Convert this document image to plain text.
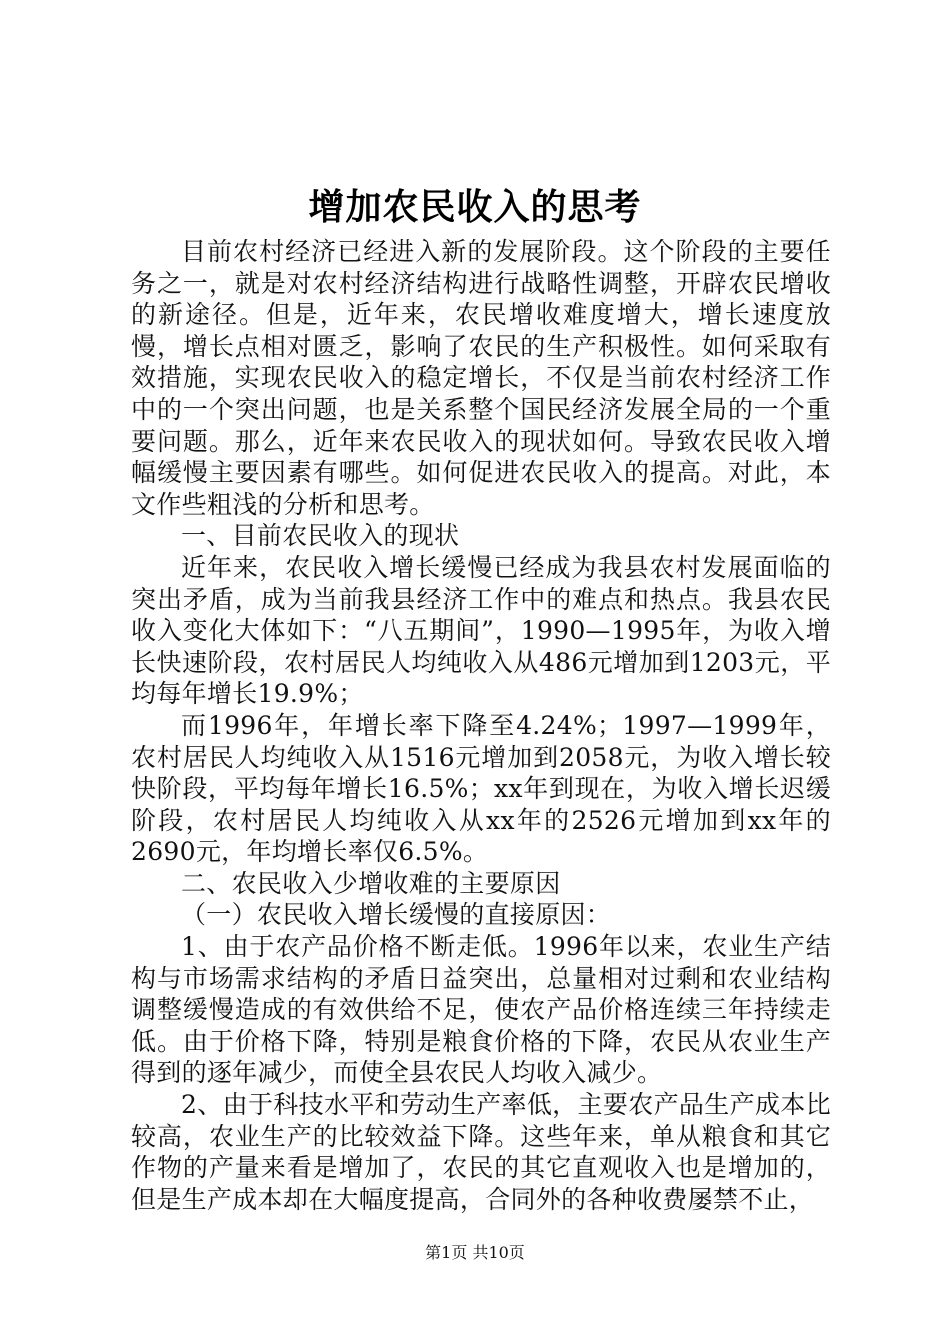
增加农民收入的思考

目前农村经济已经进入新的发展阶段。这个阶段的主要任务之一，就是对农村经济结构进行战略性调整，开辟农民增收的新途径。但是，近年来，农民增收难度增大，增长速度放慢，增长点相对匮乏，影响了农民的生产积极性。如何采取有效措施，实现农民收入的稳定增长，不仅是当前农村经济工作中的一个突出问题，也是关系整个国民经济发展全局的一个重要问题。那么，近年来农民收入的现状如何。导致农民收入增幅缓慢主要因素有哪些。如何促进农民收入的提高。对此，本文作些粗浅的分析和思考。

一、目前农民收入的现状

近年来，农民收入增长缓慢已经成为我县农村发展面临的突出矛盾，成为当前我县经济工作中的难点和热点。我县农民收入变化大体如下：“八五期间”，1990—1995年，为收入增长快速阶段，农村居民人均纯收入从486元增加到1203元，平均每年增长19.9%；

而1996年，年增长率下降至4.24%；1997—1999年，农村居民人均纯收入从1516元增加到2058元，为收入增长较快阶段，平均每年增长16.5%；xx年到现在，为收入增长迟缓阶段，农村居民人均纯收入从xx年的2526元增加到xx年的2690元，年均增长率仅6.5%。

二、农民收入少增收难的主要原因

（一）农民收入增长缓慢的直接原因：

1、由于农产品价格不断走低。1996年以来，农业生产结构与市场需求结构的矛盾日益突出，总量相对过剩和农业结构调整缓慢造成的有效供给不足，使农产品价格连续三年持续走低。由于价格下降，特别是粮食价格的下降，农民从农业生产得到的逐年减少，而使全县农民人均收入减少。

2、由于科技水平和劳动生产率低，主要农产品生产成本比较高，农业生产的比较效益下降。这些年来，单从粮食和其它作物的产量来看是增加了，农民的其它直观收入也是增加的，但是生产成本却在大幅度提高，合同外的各种收费屡禁不止，

第1页 共10页
